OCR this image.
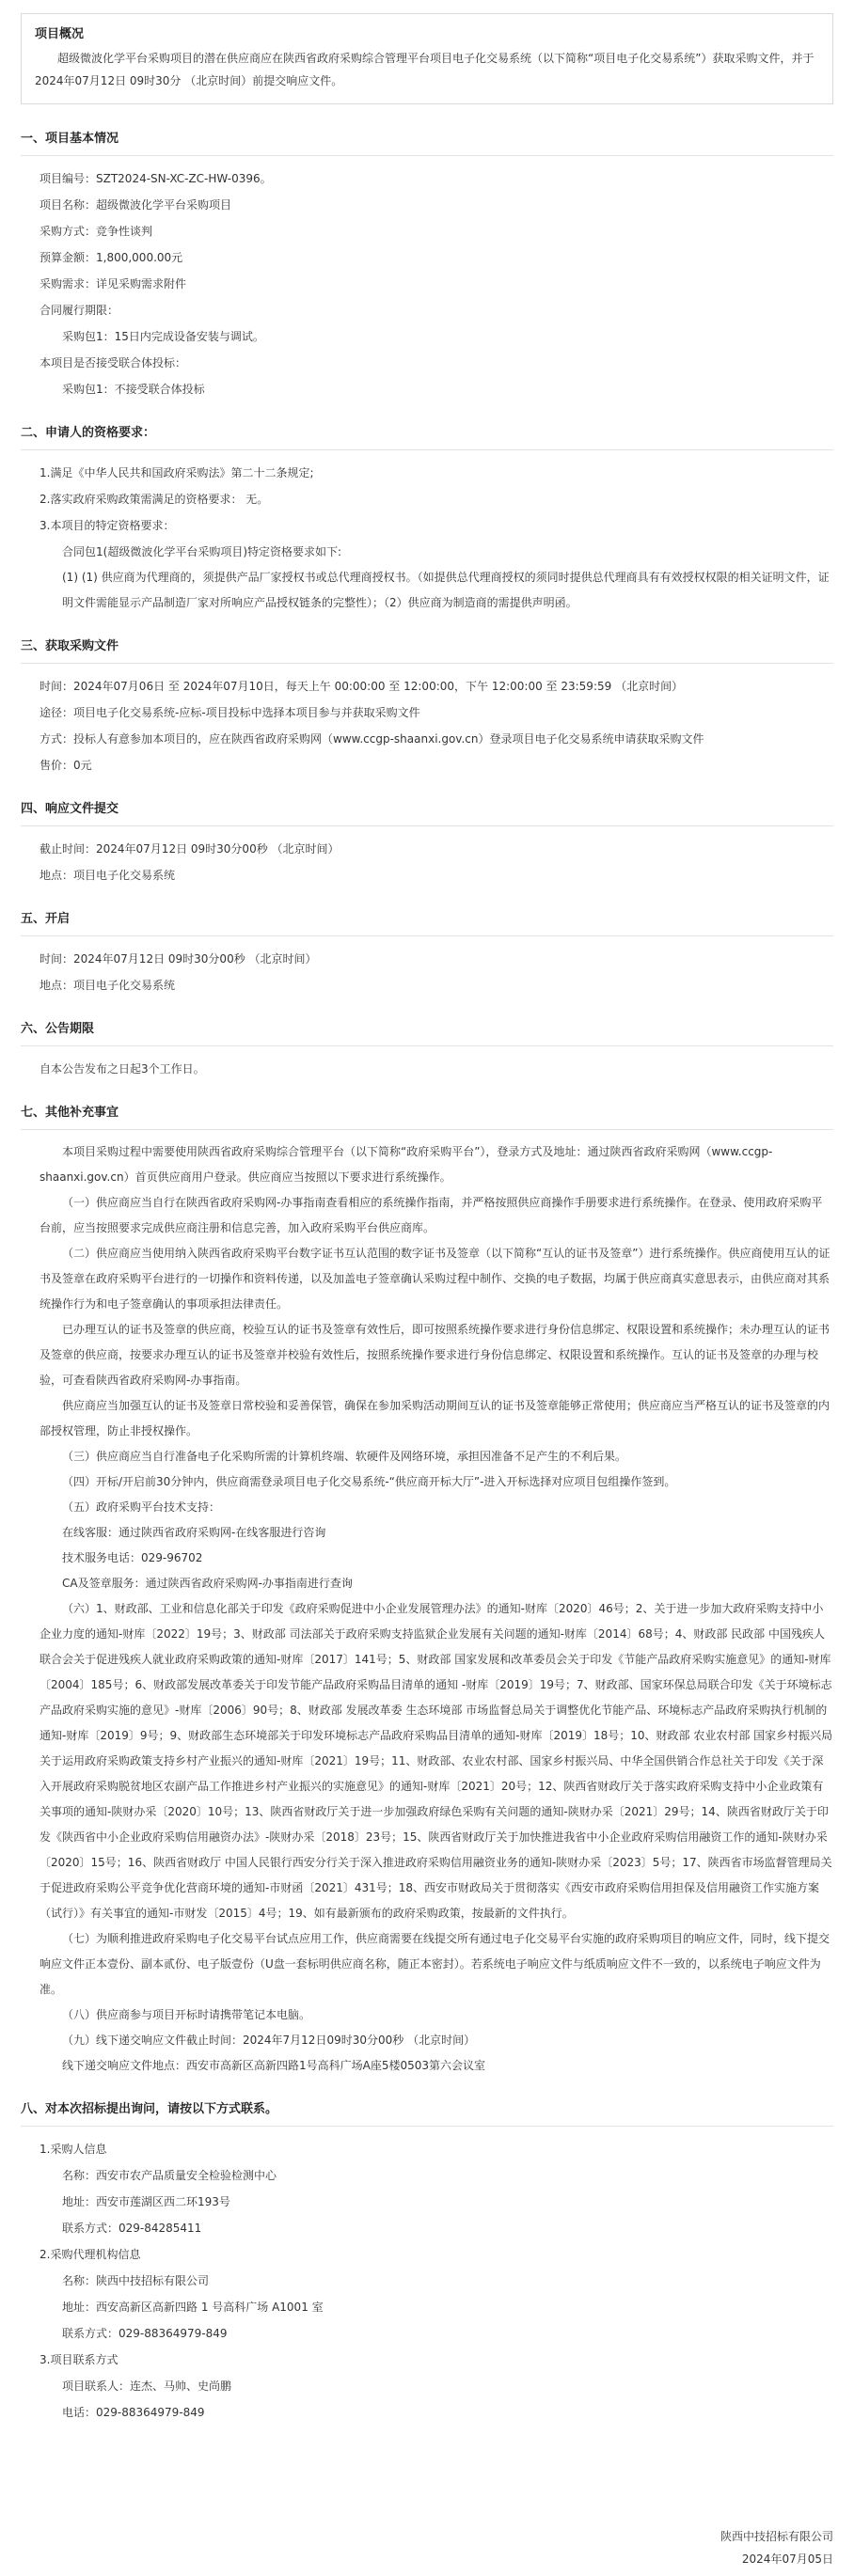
项目概况
超级微波化学平台采购项目的潜在供应商应在陕西省政府采购综合管理平台项目电子化交易系统（以下简称“项目电子化交易系统”）获取采购文件，并于 2024年07月12日 09时30分 （北京时间）前提交响应文件。
一、项目基本情况
项目编号：SZT2024-SN-XC-ZC-HW-0396。
项目名称：超级微波化学平台采购项目
采购方式：竞争性谈判
预算金额：1,800,000.00元
采购需求：详见采购需求附件
合同履行期限：
采购包1：15日内完成设备安装与调试。
本项目是否接受联合体投标：
采购包1：不接受联合体投标
二、申请人的资格要求：
1.满足《中华人民共和国政府采购法》第二十二条规定;
2.落实政府采购政策需满足的资格要求： 无。
3.本项目的特定资格要求：
合同包1(超级微波化学平台采购项目)特定资格要求如下:
(1) (1) 供应商为代理商的，须提供产品厂家授权书或总代理商授权书。（如提供总代理商授权的须同时提供总代理商具有有效授权权限的相关证明文件，证明文件需能显示产品制造厂家对所响应产品授权链条的完整性）；（2）供应商为制造商的需提供声明函。
三、获取采购文件
时间：2024年07月06日 至 2024年07月10日，每天上午 00:00:00 至 12:00:00，下午 12:00:00 至 23:59:59 （北京时间）
途径：项目电子化交易系统-应标-项目投标中选择本项目参与并获取采购文件
方式：投标人有意参加本项目的，应在陕西省政府采购网（www.ccgp-shaanxi.gov.cn）登录项目电子化交易系统申请获取采购文件
售价：0元
四、响应文件提交
截止时间：2024年07月12日 09时30分00秒 （北京时间）
地点：项目电子化交易系统
五、开启
时间：2024年07月12日 09时30分00秒 （北京时间）
地点：项目电子化交易系统
六、公告期限
自本公告发布之日起3个工作日。
七、其他补充事宜
本项目采购过程中需要使用陕西省政府采购综合管理平台（以下简称“政府采购平台”），登录方式及地址：通过陕西省政府采购网（www.ccgp-shaanxi.gov.cn）首页供应商用户登录。供应商应当按照以下要求进行系统操作。
（一）供应商应当自行在陕西省政府采购网-办事指南查看相应的系统操作指南，并严格按照供应商操作手册要求进行系统操作。在登录、使用政府采购平台前，应当按照要求完成供应商注册和信息完善，加入政府采购平台供应商库。
（二）供应商应当使用纳入陕西省政府采购平台数字证书互认范围的数字证书及签章（以下简称“互认的证书及签章”）进行系统操作。供应商使用互认的证书及签章在政府采购平台进行的一切操作和资料传递，以及加盖电子签章确认采购过程中制作、交换的电子数据，均属于供应商真实意思表示，由供应商对其系统操作行为和电子签章确认的事项承担法律责任。
已办理互认的证书及签章的供应商，校验互认的证书及签章有效性后，即可按照系统操作要求进行身份信息绑定、权限设置和系统操作；未办理互认的证书及签章的供应商，按要求办理互认的证书及签章并校验有效性后，按照系统操作要求进行身份信息绑定、权限设置和系统操作。互认的证书及签章的办理与校验，可查看陕西省政府采购网-办事指南。
供应商应当加强互认的证书及签章日常校验和妥善保管，确保在参加采购活动期间互认的证书及签章能够正常使用；供应商应当严格互认的证书及签章的内部授权管理，防止非授权操作。
（三）供应商应当自行准备电子化采购所需的计算机终端、软硬件及网络环境，承担因准备不足产生的不利后果。
（四）开标/开启前30分钟内，供应商需登录项目电子化交易系统-“供应商开标大厅”-进入开标选择对应项目包组操作签到。
（五）政府采购平台技术支持：
在线客服：通过陕西省政府采购网-在线客服进行咨询
技术服务电话：029-96702
CA及签章服务：通过陕西省政府采购网-办事指南进行查询
（六）1、财政部、工业和信息化部关于印发《政府采购促进中小企业发展管理办法》的通知-财库〔2020〕46号；2、关于进一步加大政府采购支持中小企业力度的通知-财库〔2022〕19号；3、财政部 司法部关于政府采购支持监狱企业发展有关问题的通知-财库〔2014〕68号；4、财政部 民政部 中国残疾人联合会关于促进残疾人就业政府采购政策的通知-财库〔2017〕141号；5、财政部 国家发展和改革委员会关于印发《节能产品政府采购实施意见》的通知-财库〔2004〕185号；6、财政部发展改革委关于印发节能产品政府采购品目清单的通知 -财库〔2019〕19号；7、财政部、国家环保总局联合印发《关于环境标志产品政府采购实施的意见》-财库〔2006〕90号；8、财政部 发展改革委 生态环境部 市场监督总局关于调整优化节能产品、环境标志产品政府采购执行机制的通知-财库〔2019〕9号；9、财政部生态环境部关于印发环境标志产品政府采购品目清单的通知-财库〔2019〕18号；10、财政部 农业农村部 国家乡村振兴局关于运用政府采购政策支持乡村产业振兴的通知-财库〔2021〕19号；11、财政部、农业农村部、国家乡村振兴局、中华全国供销合作总社关于印发《关于深入开展政府采购脱贫地区农副产品工作推进乡村产业振兴的实施意见》的通知-财库〔2021〕20号；12、陕西省财政厅关于落实政府采购支持中小企业政策有关事项的通知-陕财办采〔2020〕10号；13、陕西省财政厅关于进一步加强政府绿色采购有关问题的通知-陕财办采〔2021〕29号；14、陕西省财政厅关于印发《陕西省中小企业政府采购信用融资办法》-陕财办采〔2018〕23号；15、陕西省财政厅关于加快推进我省中小企业政府采购信用融资工作的通知-陕财办采〔2020〕15号；16、陕西省财政厅 中国人民银行西安分行关于深入推进政府采购信用融资业务的通知-陕财办采〔2023〕5号；17、陕西省市场监督管理局关于促进政府采购公平竞争优化营商环境的通知-市财函〔2021〕431号；18、西安市财政局关于贯彻落实《西安市政府采购信用担保及信用融资工作实施方案（试行）》有关事宜的通知-市财发〔2015〕4号；19、如有最新颁布的政府采购政策，按最新的文件执行。
（七）为顺利推进政府采购电子化交易平台试点应用工作，供应商需要在线提交所有通过电子化交易平台实施的政府采购项目的响应文件，同时，线下提交响应文件正本壹份、副本贰份、电子版壹份（U盘一套标明供应商名称，随正本密封）。若系统电子响应文件与纸质响应文件不一致的，以系统电子响应文件为准。
（八）供应商参与项目开标时请携带笔记本电脑。
（九）线下递交响应文件截止时间：2024年7月12日09时30分00秒 （北京时间）
线下递交响应文件地点：西安市高新区高新四路1号高科广场A座5楼0503第六会议室
八、对本次招标提出询问，请按以下方式联系。
1.采购人信息
名称：西安市农产品质量安全检验检测中心
地址：西安市莲湖区西二环193号
联系方式：029-84285411
2.采购代理机构信息
名称：陕西中技招标有限公司
地址：西安高新区高新四路 1 号高科广场 A1001 室
联系方式：029-88364979-849
3.项目联系方式
项目联系人：连杰、马帅、史尚鹏
电话：029-88364979-849
陕西中技招标有限公司
2024年07月05日
